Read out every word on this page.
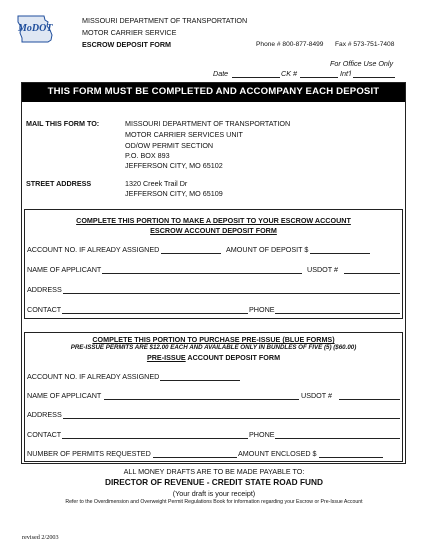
MoDOT
MISSOURI DEPARTMENT OF TRANSPORTATION
MOTOR CARRIER SERVICE
ESCROW DEPOSIT FORM	Phone # 800-877-8499 Fax # 573-751-7408
For Office Use Only
Date	CK #	Int'l
THIS FORM MUST BE COMPLETED AND ACCOMPANY EACH DEPOSIT
MAIL THIS FORM TO:	MISSOURI DEPARTMENT OF TRANSPORTATION
MOTOR CARRIER SERVICES UNIT
OD/OW PERMIT SECTION
P.O. BOX 893
JEFFERSON CITY, MO 65102
STREET ADDRESS	1320 Creek Trail Dr
JEFFERSON CITY, MO 65109
COMPLETE THIS PORTION TO MAKE A DEPOSIT TO YOUR ESCROW ACCOUNT
ESCROW ACCOUNT DEPOSIT FORM
ACCOUNT NO. IF ALREADY ASSIGNED	AMOUNT OF DEPOSIT $
NAME OF APPLICANT	USDOT #
ADDRESS
CONTACT	PHONE
COMPLETE THIS PORTION TO PURCHASE PRE-ISSUE (BLUE FORMS)
PRE-ISSUE PERMITS ARE $12.00 EACH AND AVAILABLE ONLY IN BUNDLES OF FIVE (5) ($60.00)
PRE-ISSUE ACCOUNT DEPOSIT FORM
ACCOUNT NO. IF ALREADY ASSIGNED
NAME OF APPLICANT	USDOT #
ADDRESS
CONTACT	PHONE
NUMBER OF PERMITS REQUESTED	AMOUNT ENCLOSED $
ALL MONEY DRAFTS ARE TO BE MADE PAYABLE TO:
DIRECTOR OF REVENUE - CREDIT STATE ROAD FUND
(Your draft is your receipt)
Refer to the Overdimension and Overweight Permit Regulations Book for information regarding your Escrow or Pre-Issue Account
revised 2/2003
